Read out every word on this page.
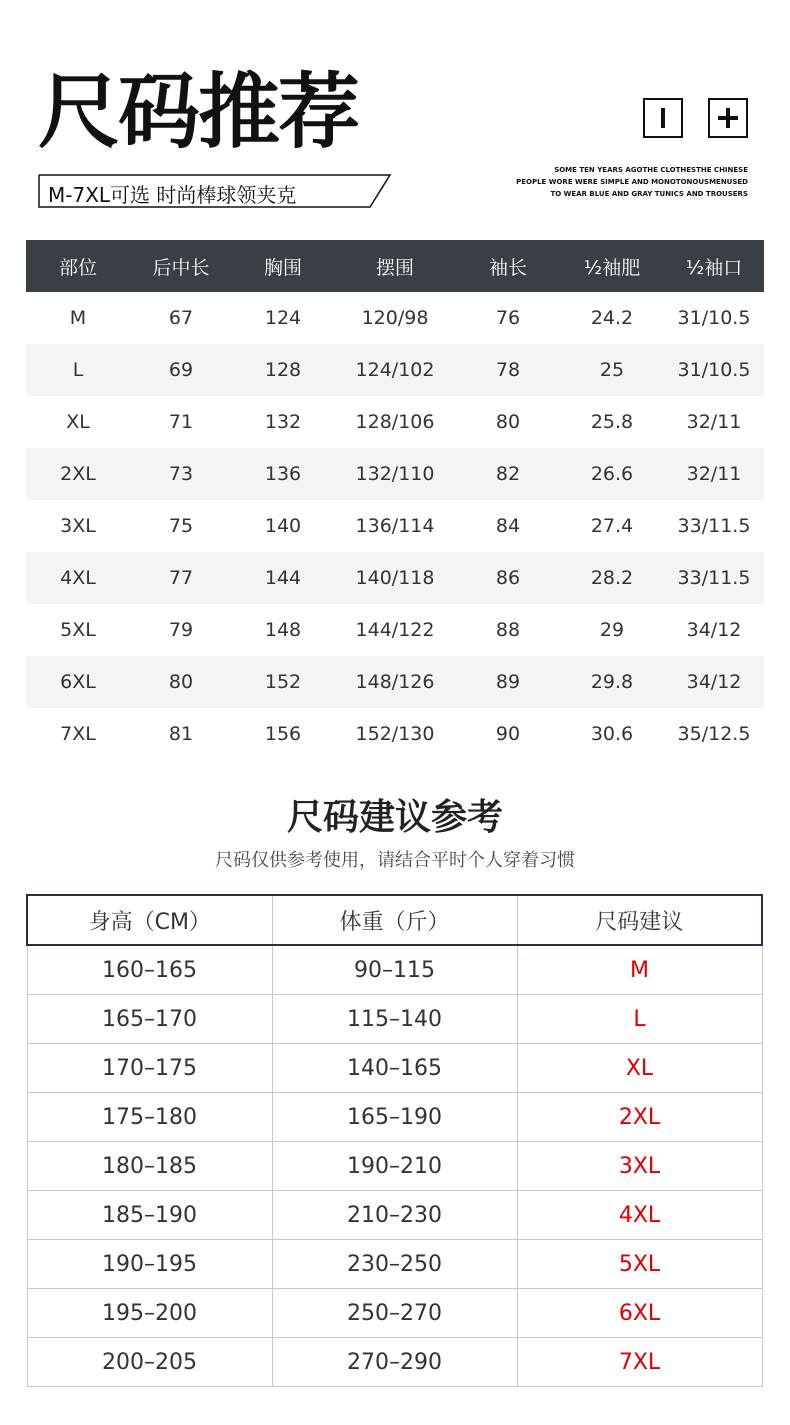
尺码推荐
M-7XL可选 时尚棒球领夹克
SOME TEN YEARS AGOTHE CLOTHESTHE CHINESE
PEOPLE WORE WERE SIMPLE AND MONOTONOUSMENUSED
TO WEAR BLUE AND GRAY TUNICS AND TROUSERS
部位	后中长	胸围	摆围	袖长	½袖肥	½袖口
M	67	124	120/98	76	24.2	31/10.5
L	69	128	124/102	78	25	31/10.5
XL	71	132	128/106	80	25.8	32/11
2XL	73	136	132/110	82	26.6	32/11
3XL	75	140	136/114	84	27.4	33/11.5
4XL	77	144	140/118	86	28.2	33/11.5
5XL	79	148	144/122	88	29	34/12
6XL	80	152	148/126	89	29.8	34/12
7XL	81	156	152/130	90	30.6	35/12.5
尺码建议参考
尺码仅供参考使用，请结合平时个人穿着习惯
身高（CM）	体重（斤）	尺码建议
160–165	90–115	M
165–170	115–140	L
170–175	140–165	XL
175–180	165–190	2XL
180–185	190–210	3XL
185–190	210–230	4XL
190–195	230–250	5XL
195–200	250–270	6XL
200–205	270–290	7XL
